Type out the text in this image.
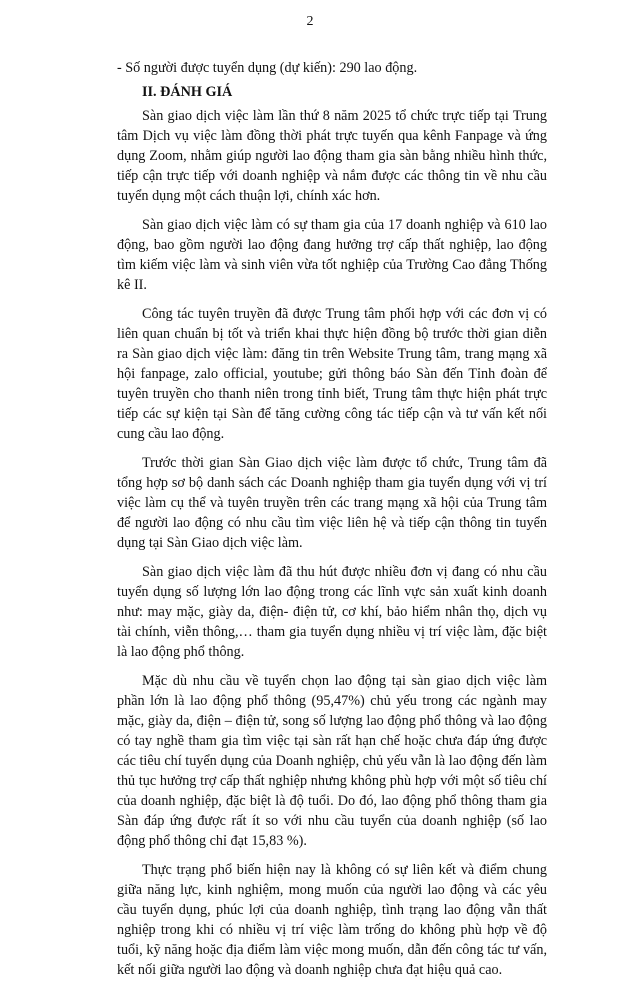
2

- Số người được tuyển dụng (dự kiến): 290 lao động.

II. ĐÁNH GIÁ

Sàn giao dịch việc làm lần thứ 8 năm 2025 tổ chức trực tiếp tại Trung tâm Dịch vụ việc làm đồng thời phát trực tuyến qua kênh Fanpage và ứng dụng Zoom, nhằm giúp người lao động tham gia sàn bằng nhiều hình thức, tiếp cận trực tiếp với doanh nghiệp và nắm được các thông tin về nhu cầu tuyển dụng một cách thuận lợi, chính xác hơn.

Sàn giao dịch việc làm có sự tham gia của 17 doanh nghiệp và 610 lao động, bao gồm người lao động đang hưởng trợ cấp thất nghiệp, lao động tìm kiếm việc làm và sinh viên vừa tốt nghiệp của Trường Cao đẳng Thống kê II.

Công tác tuyên truyền đã được Trung tâm phối hợp với các đơn vị có liên quan chuẩn bị tốt và triển khai thực hiện đồng bộ trước thời gian diễn ra Sàn giao dịch việc làm: đăng tin trên Website Trung tâm, trang mạng xã hội fanpage, zalo official, youtube; gửi thông báo Sàn đến Tỉnh đoàn để tuyên truyền cho thanh niên trong tỉnh biết, Trung tâm thực hiện phát trực tiếp các sự kiện tại Sàn để tăng cường công tác tiếp cận và tư vấn kết nối cung cầu lao động.

Trước thời gian Sàn Giao dịch việc làm được tổ chức, Trung tâm đã tổng hợp sơ bộ danh sách các Doanh nghiệp tham gia tuyển dụng với vị trí việc làm cụ thể và tuyên truyền trên các trang mạng xã hội của Trung tâm để người lao động có nhu cầu tìm việc liên hệ và tiếp cận thông tin tuyển dụng tại Sàn Giao dịch việc làm.

Sàn giao dịch việc làm đã thu hút được nhiều đơn vị đang có nhu cầu tuyển dụng số lượng lớn lao động trong các lĩnh vực sản xuất kinh doanh như: may mặc, giày da, điện- điện tử, cơ khí, bảo hiểm nhân thọ, dịch vụ tài chính, viễn thông,… tham gia tuyển dụng nhiều vị trí việc làm, đặc biệt là lao động phổ thông.

Mặc dù nhu cầu về tuyển chọn lao động tại sàn giao dịch việc làm phần lớn là lao động phổ thông (95,47%) chủ yếu trong các ngành may mặc, giày da, điện – điện tử, song số lượng lao động phổ thông và lao động có tay nghề tham gia tìm việc tại sàn rất hạn chế hoặc chưa đáp ứng được các tiêu chí tuyển dụng của Doanh nghiệp, chủ yếu vẫn là lao động đến làm thủ tục hưởng trợ cấp thất nghiệp nhưng không phù hợp với một số tiêu chí của doanh nghiệp, đặc biệt là độ tuổi. Do đó, lao động phổ thông tham gia Sàn đáp ứng được rất ít so với nhu cầu tuyển của doanh nghiệp (số lao động phổ thông chỉ đạt 15,83 %).

Thực trạng phổ biến hiện nay là không có sự liên kết và điểm chung giữa năng lực, kinh nghiệm, mong muốn của người lao động và các yêu cầu tuyển dụng, phúc lợi của doanh nghiệp, tình trạng lao động vẫn thất nghiệp trong khi có nhiều vị trí việc làm trống do không phù hợp về độ tuổi, kỹ năng hoặc địa điểm làm việc mong muốn, dẫn đến công tác tư vấn, kết nối giữa người lao động và doanh nghiệp chưa đạt hiệu quả cao.
